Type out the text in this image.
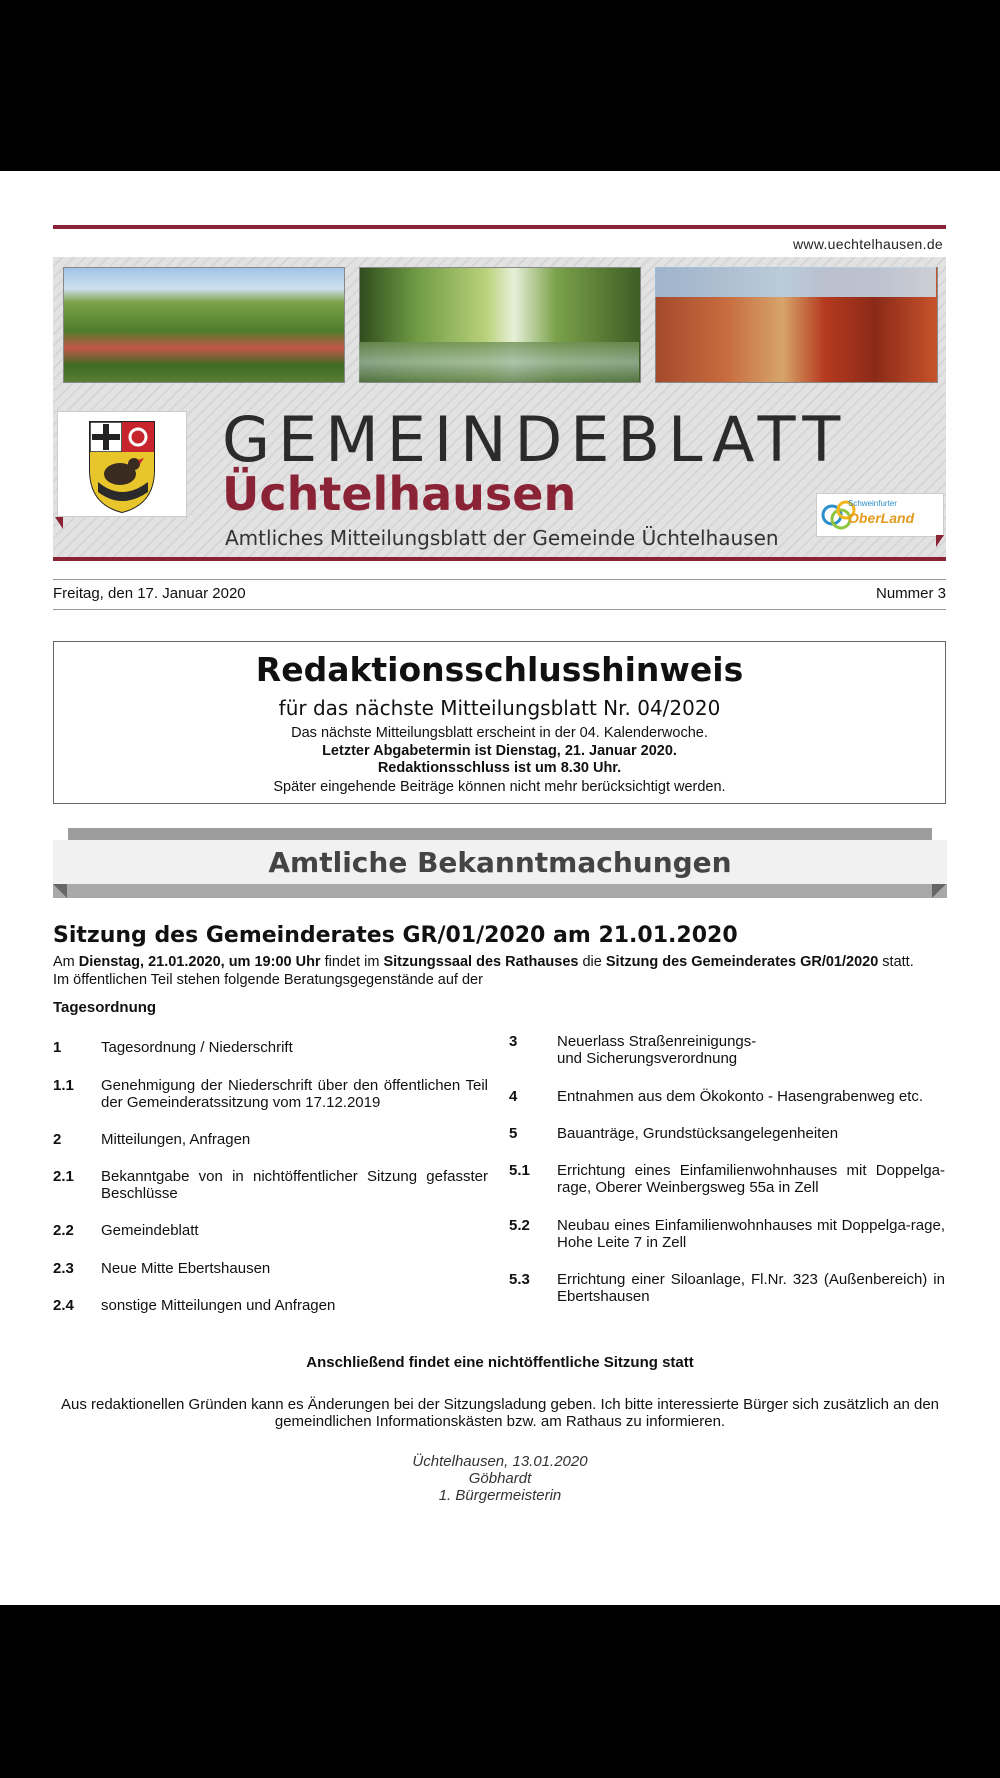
www.uechtelhausen.de
GEMEINDEBLATT
Üchtelhausen
Amtliches Mitteilungsblatt der Gemeinde Üchtelhausen
Schweinfurter
OberLand
Freitag, den 17. Januar 2020	Nummer 3
Redaktionsschlusshinweis
für das nächste Mitteilungsblatt Nr. 04/2020
Das nächste Mitteilungsblatt erscheint in der 04. Kalenderwoche.
Letzter Abgabetermin ist Dienstag, 21. Januar 2020.
Redaktionsschluss ist um 8.30 Uhr.
Später eingehende Beiträge können nicht mehr berücksichtigt werden.
Amtliche Bekanntmachungen
Sitzung des Gemeinderates GR/01/2020 am 21.01.2020
Am Dienstag, 21.01.2020, um 19:00 Uhr findet im Sitzungssaal des Rathauses die Sitzung des Gemeinderates GR/01/2020 statt.
Im öffentlichen Teil stehen folgende Beratungsgegenstände auf der
Tagesordnung
1	Tagesordnung / Niederschrift
1.1 Genehmigung der Niederschrift über den öffentlichen Teil der Gemeinderatssitzung vom 17.12.2019
2	Mitteilungen, Anfragen
2.1 Bekanntgabe von in nichtöffentlicher Sitzung gefasster Beschlüsse
2.2 Gemeindeblatt
2.3 Neue Mitte Ebertshausen
2.4 sonstige Mitteilungen und Anfragen
3	Neuerlass Straßenreinigungs-
und Sicherungsverordnung
4	Entnahmen aus dem Ökokonto - Hasengrabenweg etc.
5	Bauanträge, Grundstücksangelegenheiten
5.1 Errichtung eines Einfamilienwohnhauses mit Doppelga-rage, Oberer Weinbergsweg 55a in Zell
5.2 Neubau eines Einfamilienwohnhauses mit Doppelga-rage, Hohe Leite 7 in Zell
5.3 Errichtung einer Siloanlage, Fl.Nr. 323 (Außenbereich) in Ebertshausen
Anschließend findet eine nichtöffentliche Sitzung statt
Aus redaktionellen Gründen kann es Änderungen bei der Sitzungsladung geben. Ich bitte interessierte Bürger sich zusätzlich an den gemeindlichen Informationskästen bzw. am Rathaus zu informieren.
Üchtelhausen, 13.01.2020
Göbhardt
1. Bürgermeisterin
